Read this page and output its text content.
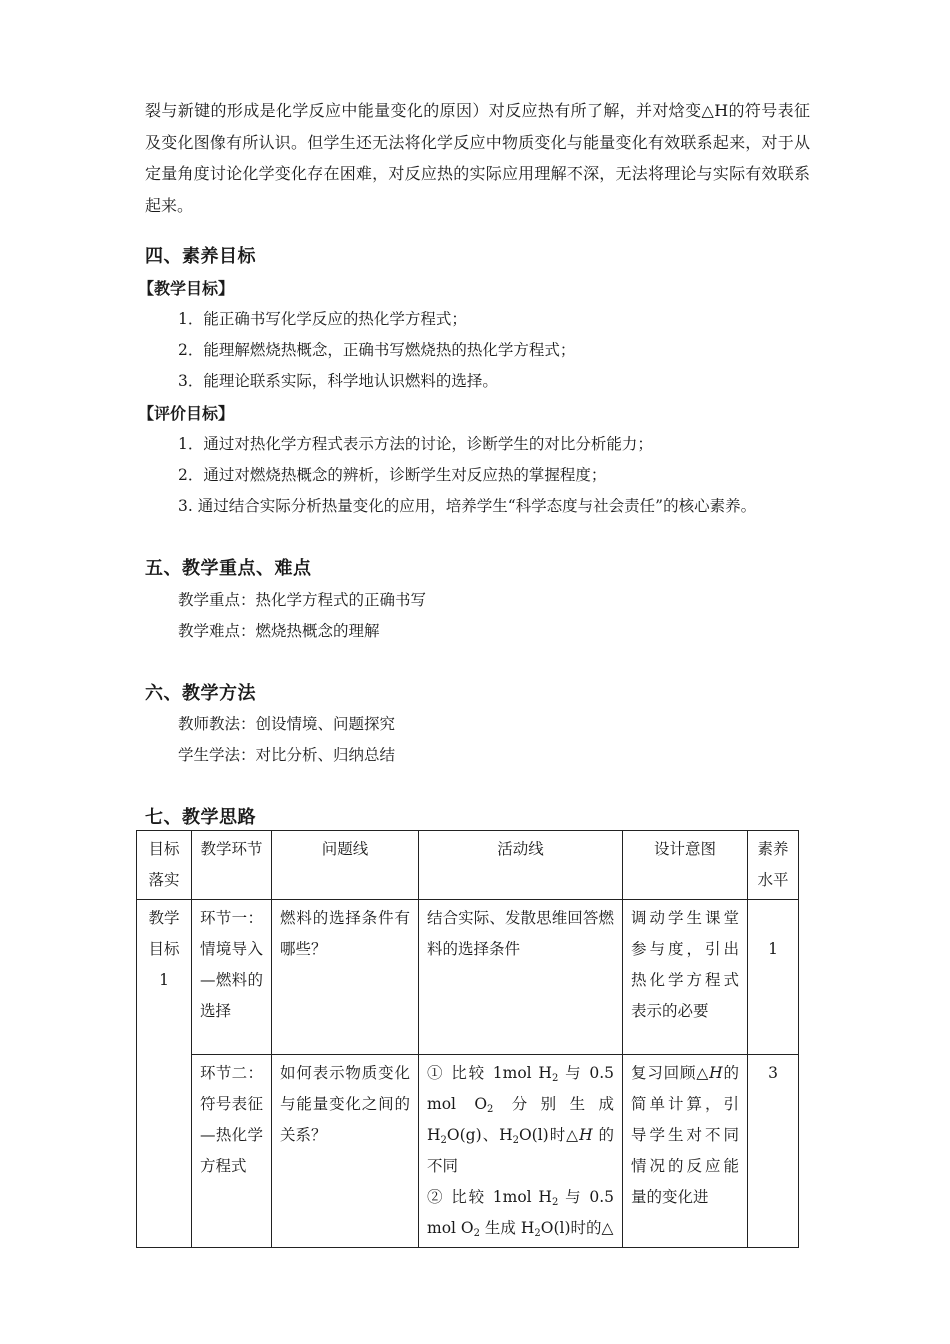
裂与新键的形成是化学反应中能量变化的原因）对反应热有所了解，并对焓变△H的符号表征及变化图像有所认识。但学生还无法将化学反应中物质变化与能量变化有效联系起来，对于从定量角度讨论化学变化存在困难，对反应热的实际应用理解不深，无法将理论与实际有效联系起来。

四、素养目标
【教学目标】
1．能正确书写化学反应的热化学方程式；
2．能理解燃烧热概念，正确书写燃烧热的热化学方程式；
3．能理论联系实际，科学地认识燃料的选择。
【评价目标】
1．通过对热化学方程式表示方法的讨论，诊断学生的对比分析能力；
2．通过对燃烧热概念的辨析，诊断学生对反应热的掌握程度；
3. 通过结合实际分析热量变化的应用，培养学生“科学态度与社会责任”的核心素养。
五、教学重点、难点
教学重点：热化学方程式的正确书写
教学难点：燃烧热概念的理解
六、教学方法
教师教法：创设情境、问题探究
学生学法：对比分析、归纳总结
七、教学思路
目标落实	教学环节	问题线	活动线	设计意图	素养水平
教学目标1	环节一：情境导入—燃料的选择	燃料的选择条件有哪些？	结合实际、发散思维回答燃料的选择条件	调动学生课堂参与度，引出热化学方程式表示的必要	1
	环节二：符号表征—热化学方程式	如何表示物质变化与能量变化之间的关系？	① 比较 1mol $H_2$ 与 0.5 mol $O_2$ 分别生成 $H_2O(g)$、$H_2O(l)$时△H 的不同
② 比较 1mol $H_2$ 与 0.5 mol $O_2$ 生成 $H_2O(l)$时的△	复习回顾△H的简单计算，引导学生对不同情况的反应能量的变化进	3
